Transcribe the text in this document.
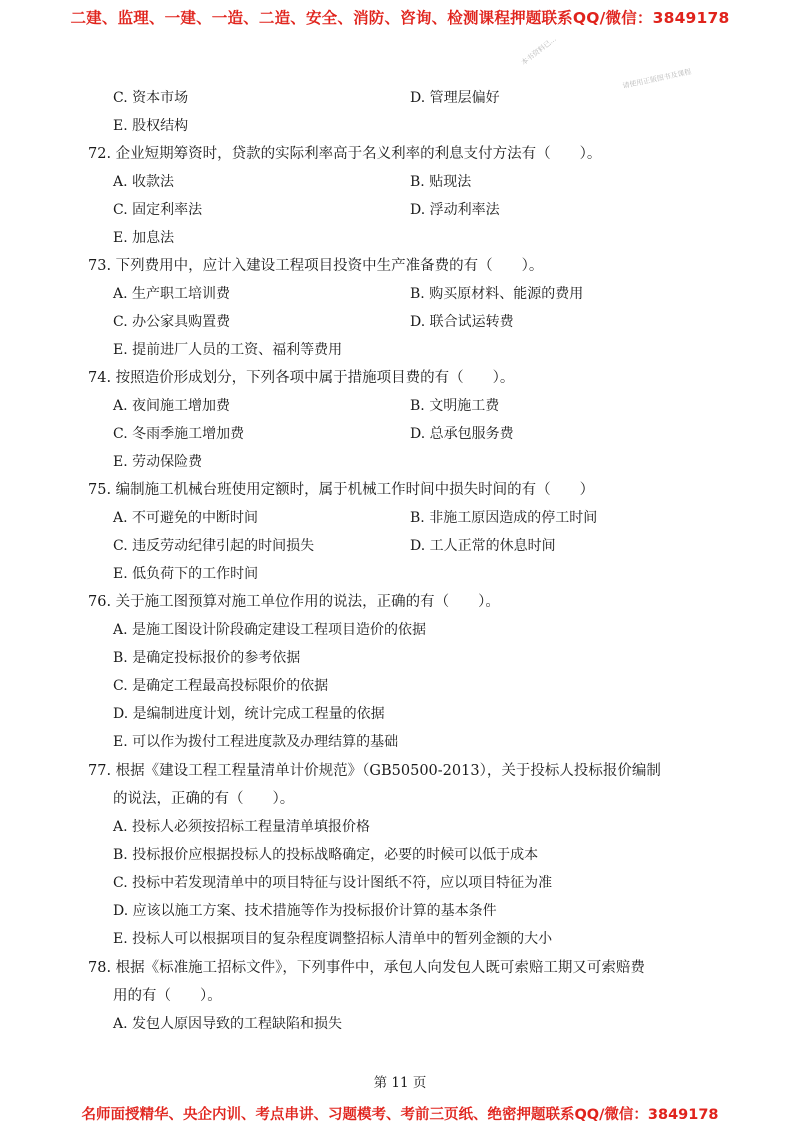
二建、监理、一建、一造、二造、安全、消防、咨询、检测课程押题联系QQ/微信：3849178
本书资料已...
请使用正版图书及课程
C. 资本市场	D. 管理层偏好
E. 股权结构
72. 企业短期筹资时，贷款的实际利率高于名义利率的利息支付方法有（　　）。
A. 收款法	B. 贴现法
C. 固定利率法	D. 浮动利率法
E. 加息法
73. 下列费用中，应计入建设工程项目投资中生产准备费的有（　　）。
A. 生产职工培训费	B. 购买原材料、能源的费用
C. 办公家具购置费	D. 联合试运转费
E. 提前进厂人员的工资、福利等费用
74. 按照造价形成划分，下列各项中属于措施项目费的有（　　）。
A. 夜间施工增加费	B. 文明施工费
C. 冬雨季施工增加费	D. 总承包服务费
E. 劳动保险费
75. 编制施工机械台班使用定额时，属于机械工作时间中损失时间的有（　　）
A. 不可避免的中断时间	B. 非施工原因造成的停工时间
C. 违反劳动纪律引起的时间损失	D. 工人正常的休息时间
E. 低负荷下的工作时间
76. 关于施工图预算对施工单位作用的说法，正确的有（　　）。
A. 是施工图设计阶段确定建设工程项目造价的依据
B. 是确定投标报价的参考依据
C. 是确定工程最高投标限价的依据
D. 是编制进度计划，统计完成工程量的依据
E. 可以作为拨付工程进度款及办理结算的基础
77. 根据《建设工程工程量清单计价规范》（GB50500-2013），关于投标人投标报价编制
的说法，正确的有（　　）。
A. 投标人必须按招标工程量清单填报价格
B. 投标报价应根据投标人的投标战略确定，必要的时候可以低于成本
C. 投标中若发现清单中的项目特征与设计图纸不符，应以项目特征为准
D. 应该以施工方案、技术措施等作为投标报价计算的基本条件
E. 投标人可以根据项目的复杂程度调整招标人清单中的暂列金额的大小
78. 根据《标准施工招标文件》，下列事件中，承包人向发包人既可索赔工期又可索赔费
用的有（　　）。
A. 发包人原因导致的工程缺陷和损失
第 11 页
名师面授精华、央企内训、考点串讲、习题模考、考前三页纸、绝密押题联系QQ/微信：3849178
